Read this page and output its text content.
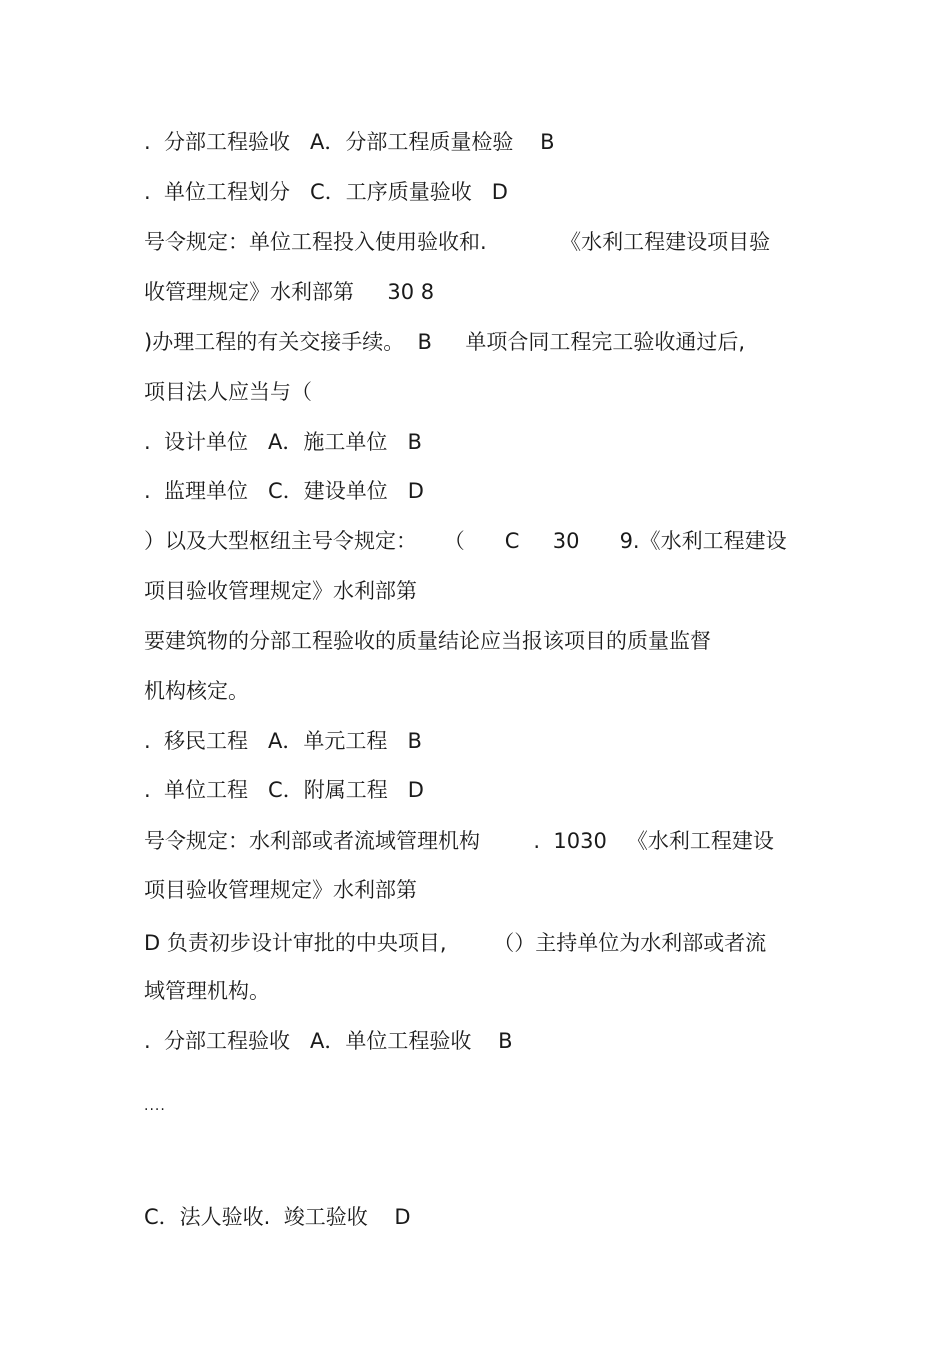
.  分部工程验收   A．分部工程质量检验    B
.  单位工程划分   C．工序质量验收   D
号令规定：单位工程投入使用验收和.           《水利工程建设项目验
收管理规定》水利部第     30 8
)办理工程的有关交接手续。  B     单项合同工程完工验收通过后,
项目法人应当与（
.  设计单位   A．施工单位   B
.  监理单位   C．建设单位   D
）以及大型枢纽主号令规定：    （      C     30      9.《水利工程建设
项目验收管理规定》水利部第
要建筑物的分部工程验收的质量结论应当报该项目的质量监督
机构核定。
.  移民工程   A．单元工程   B
.  单位工程   C．附属工程   D
号令规定：水利部或者流域管理机构        .  1030   《水利工程建设
项目验收管理规定》水利部第
D 负责初步设计审批的中央项目,       （）主持单位为水利部或者流
域管理机构。
.  分部工程验收   A．单位工程验收    B
....
C．法人验收.  竣工验收    D
